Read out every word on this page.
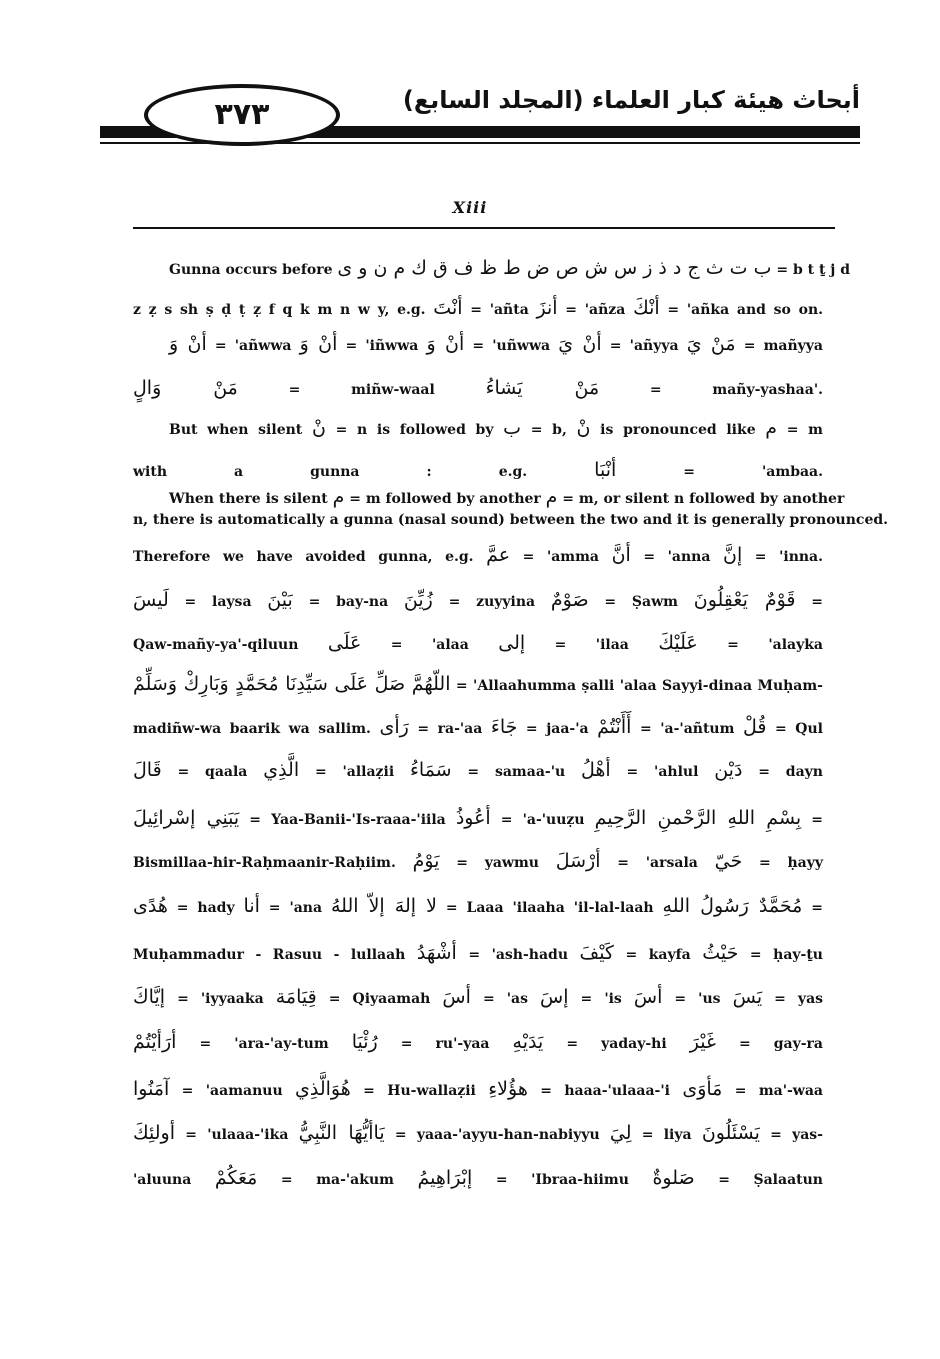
٣٧٣	أبحاث هيئة كبار العلماء (المجلد السابع)
Xiii
Gunna occurs before ب ت ث ج د ذ ز س ش ص ض ط ظ ف ق ك م ن و ى = b t ṯ j d
z ẓ s sh ṣ ḍ ṭ ẓ f q k m n w y, e.g. أنْتَ = 'añta أنزَ = 'añza أنْكَ = 'añka and so on.
أنْ وَ = 'añwwa أنْ وَ = 'iñwwa أنْ وَ = 'uñwwa أنْ يَ = 'añyya مَنْ يَ = mañyya
مَنْ وَالٍ = miñw-waal مَنْ يَشاءُ = mañy-yashaa'.
But when silent نْ = n is followed by ب = b, نْ is pronounced like م = m
with a gunna : e.g. أنْبَا = 'ambaa.
When there is silent م = m followed by another م = m, or silent n followed by another
n, there is automatically a gunna (nasal sound) between the two and it is generally pronounced.
Therefore we have avoided gunna, e.g. عمَّ = 'amma أنَّ = 'anna إنَّ = 'inna.
لَيسَ = laysa بَيْنَ = bay-na زُيِّنَ = zuyyina صَوْمٌ = Ṣawm قَوْمٌ يَعْقِلُونَ =
Qaw-mañy-ya'-qiluun عَلَى = 'alaa إلى = 'ilaa عَلَيْكَ = 'alayka
اللّهُمَّ صَلِّ عَلَى سَيِّدِنَا مُحَمَّدٍ وَبَارِكْ وَسَلِّمْ = 'Allaahumma ṣalli 'alaa Sayyi-dinaa Muḥam-
madiñw-wa baarik wa sallim. رَأى = ra-'aa جَاءَ = jaa-'a أَأَنْتُمْ = 'a-'añtum قُلْ = Qul
قَالَ = qaala الَّذِي = 'allaẓii سَمَاءُ = samaa-'u أهْلُ = 'ahlul دَيْن = dayn
يَبَنِي إسْرائِيلَ = Yaa-Banii-'Is-raaa-'iila أعُوذُ = 'a-'uuẓu بِسْمِ اللهِ الرَّحْمنِ الرَّحِيمِ =
Bismillaa-hir-Raḥmaanir-Raḥiim. يَوْمُ = yawmu أرْسَلَ = 'arsala حَيّ = ḥayy
هُدًى = hady أنا = 'ana لا إلهَ إلاّ اللهُ = Laaa 'ilaaha 'il-lal-laah مُحَمَّدٌ رَسُولُ اللهِ =
Muḥammadur - Rasuu - lullaah أشْهَدُ = 'ash-hadu كَيْفَ = kayfa حَيْثُ = ḥay-ṯu
إيَّاكَ = 'iyyaaka قِيَامَة = Qiyaamah أسَ = 'as إسَ = 'is أسَ = 'us يَسَ = yas
أرَأيْتُمْ = 'ara-'ay-tum رُئْيَا = ru'-yaa يَدَيْهِ = yaday-hi غَيْرَ = gay-ra
آمَنُوا = 'aamanuu هُوَالَّذِي = Hu-wallaẓii هؤُلاءِ = haaa-'ulaaa-'i مَأوَى = ma'-waa
أولئِكَ = 'ulaaa-'ika يَاأيُّهَا النَّبِيُّ = yaaa-'ayyu-han-nabiyyu لِيَ = liya يَسْئَلُونَ = yas-
'aluuna مَعَكُمْ = ma-'akum إبْرَاهِيمُ = 'Ibraa-hiimu صَلوةٌ = Ṣalaatun
